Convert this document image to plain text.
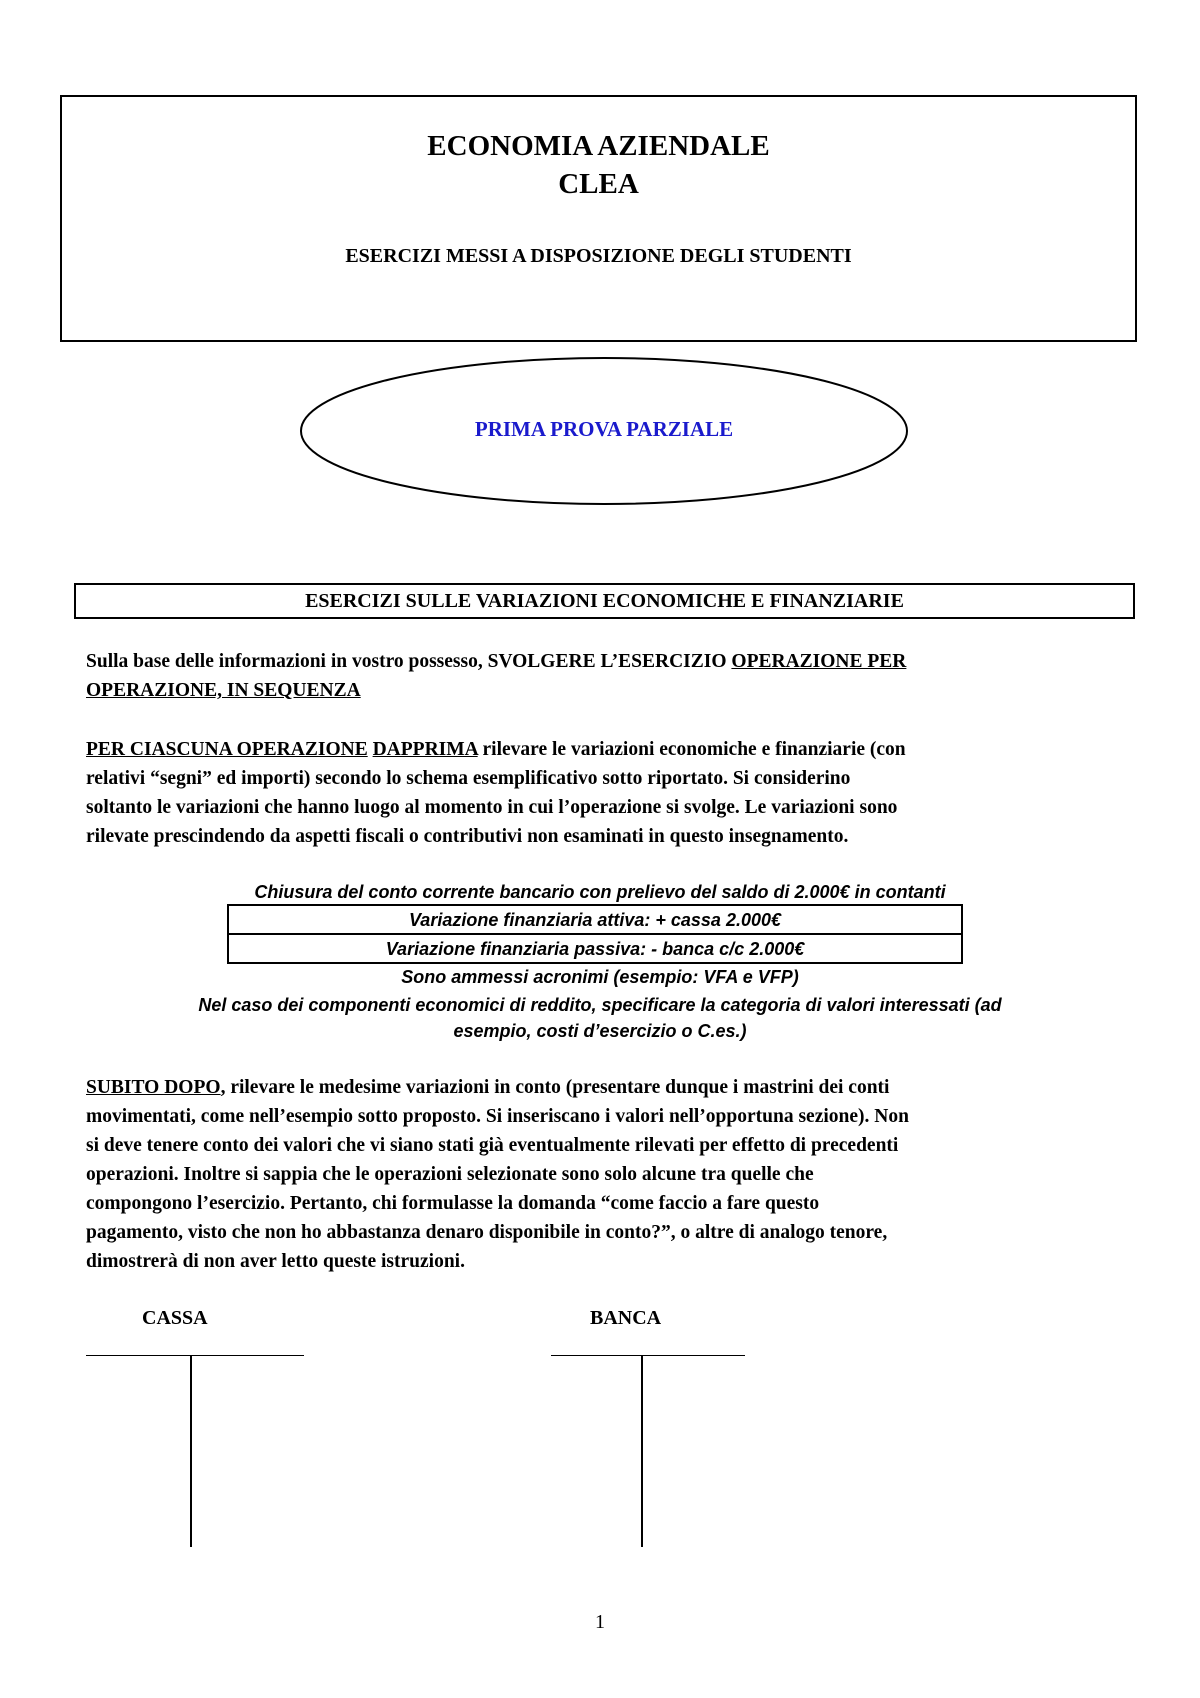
ECONOMIA AZIENDALE
CLEA
ESERCIZI MESSI A DISPOSIZIONE DEGLI STUDENTI
PRIMA PROVA PARZIALE
ESERCIZI SULLE VARIAZIONI ECONOMICHE E FINANZIARIE

Sulla base delle informazioni in vostro possesso, SVOLGERE L’ESERCIZIO OPERAZIONE PER
OPERAZIONE, IN SEQUENZA

PER CIASCUNA OPERAZIONE DAPPRIMA rilevare le variazioni economiche e finanziarie (con
relativi “segni” ed importi) secondo lo schema esemplificativo sotto riportato. Si considerino
soltanto le variazioni che hanno luogo al momento in cui l’operazione si svolge. Le variazioni sono
rilevate prescindendo da aspetti fiscali o contributivi non esaminati in questo insegnamento.

Chiusura del conto corrente bancario con prelievo del saldo di 2.000€ in contanti
Variazione finanziaria attiva: + cassa 2.000€
Variazione finanziaria passiva: - banca c/c 2.000€
Sono ammessi acronimi (esempio: VFA e VFP)
Nel caso dei componenti economici di reddito, specificare la categoria di valori interessati (ad
esempio, costi d’esercizio o C.es.)

SUBITO DOPO, rilevare le medesime variazioni in conto (presentare dunque i mastrini dei conti
movimentati, come nell’esempio sotto proposto. Si inseriscano i valori nell’opportuna sezione). Non
si deve tenere conto dei valori che vi siano stati già eventualmente rilevati per effetto di precedenti
operazioni. Inoltre si sappia che le operazioni selezionate sono solo alcune tra quelle che
compongono l’esercizio. Pertanto, chi formulasse la domanda “come faccio a fare questo
pagamento, visto che non ho abbastanza denaro disponibile in conto?”, o altre di analogo tenore,
dimostrerà di non aver letto queste istruzioni.

CASSA	BANCA
1
